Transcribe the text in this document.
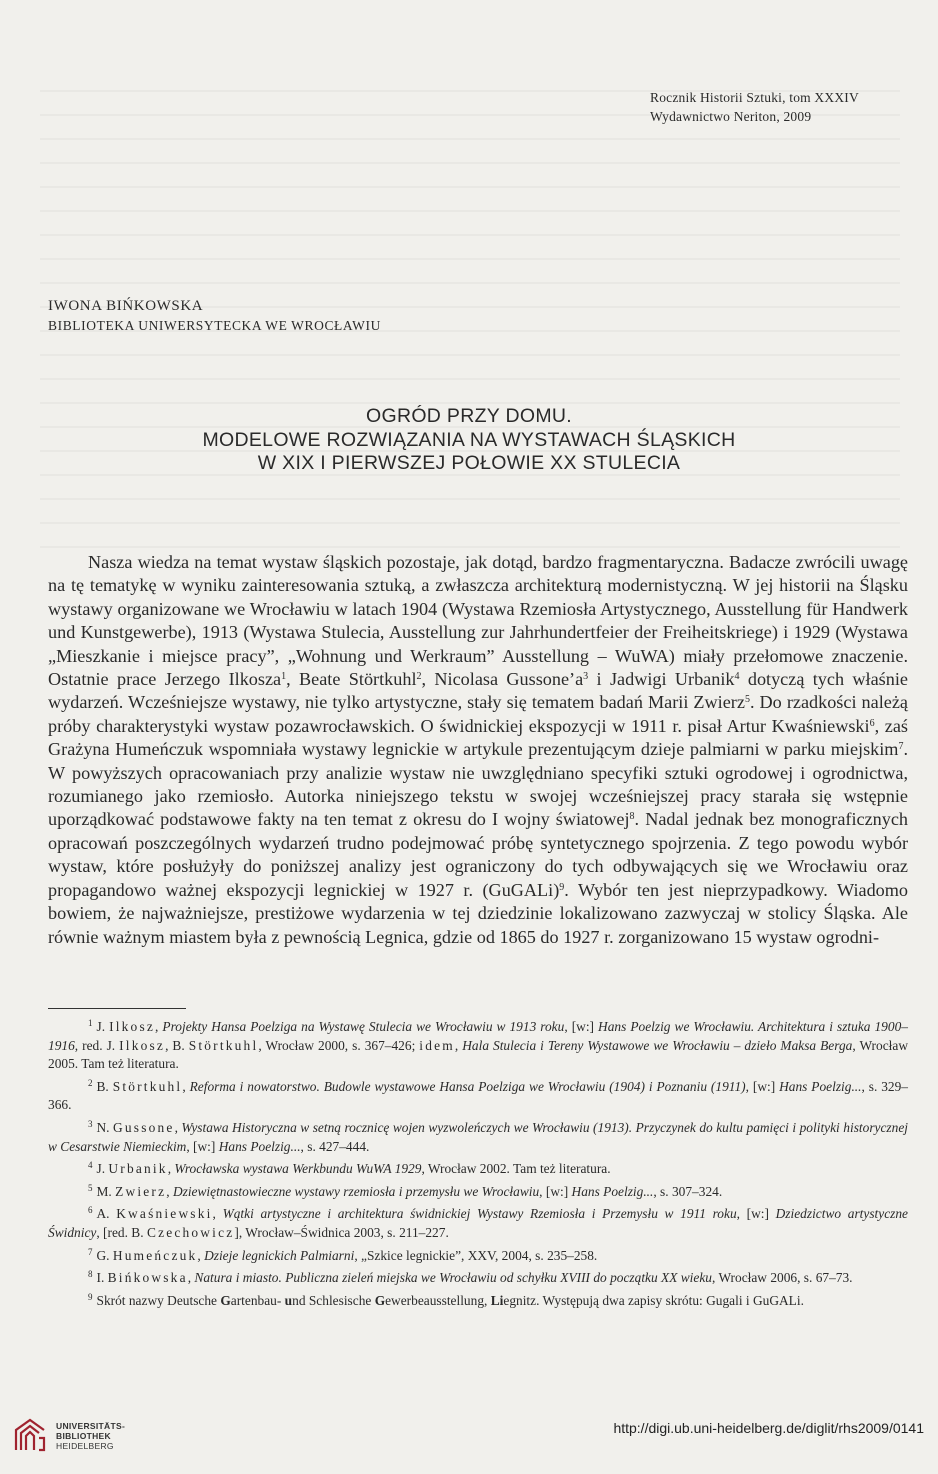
Rocznik Historii Sztuki, tom XXXIV
Wydawnictwo Neriton, 2009
IWONA BIŃKOWSKA
BIBLIOTEKA UNIWERSYTECKA WE WROCŁAWIU
OGRÓD PRZY DOMU.
MODELOWE ROZWIĄZANIA NA WYSTAWACH ŚLĄSKICH
W XIX I PIERWSZEJ POŁOWIE XX STULECIA

Nasza wiedza na temat wystaw śląskich pozostaje, jak dotąd, bardzo fragmentaryczna. Badacze zwrócili uwagę na tę tematykę w wyniku zainteresowania sztuką, a zwłaszcza architekturą modernistyczną. W jej historii na Śląsku wystawy organizowane we Wrocławiu w latach 1904 (Wystawa Rzemiosła Artystycznego, Ausstellung für Handwerk und Kunstgewerbe), 1913 (Wystawa Stulecia, Ausstellung zur Jahrhundertfeier der Freiheitskriege) i 1929 (Wystawa „Mieszkanie i miejsce pracy”, „Wohnung und Werkraum” Ausstellung – WuWA) miały przełomowe znaczenie. Ostatnie prace Jerzego Ilkosza$^1$, Beate Störtkuhl$^2$, Nicolasa $Gussone’a^3$ i Jadwigi Urbanik$^4$ dotyczą tych właśnie wydarzeń. Wcześniejsze wystawy, nie tylko artystyczne, stały się tematem badań Marii Zwierz$^5$. Do rzadkości należą próby charakterystyki wystaw pozawrocławskich. O świdnickiej ekspozycji w 1911 r. pisał Artur Kwaśniewski$^6$, zaś Grażyna Humeńczuk wspomniała wystawy legnickie w artykule prezentującym dzieje palmiarni w parku miejskim$^7$. W powyższych opracowaniach przy analizie wystaw nie uwzględniano specyfiki sztuki ogrodowej i ogrodnictwa, rozumianego jako rzemiosło. Autorka niniejszego tekstu w swojej wcześniejszej pracy starała się wstępnie uporządkować podstawowe fakty na ten temat z okresu do I wojny światowej$^8$. Nadal jednak bez monograficznych opracowań poszczególnych wydarzeń trudno podejmować próbę syntetycznego spojrzenia. Z tego powodu wybór wystaw, które posłużyły do poniższej analizy jest ograniczony do tych odbywających się we Wrocławiu oraz propagandowo ważnej ekspozycji legnickiej w 1927 r. (GuGALi)$^9$. Wybór ten jest nieprzypadkowy. Wiadomo bowiem, że najważniejsze, prestiżowe wydarzenia w tej dziedzinie lokalizowano zazwyczaj w stolicy Śląska. Ale równie ważnym miastem była z pewnością Legnica, gdzie od 1865 do 1927 r. zorganizowano 15 wystaw ogrodni-

$^1$ J. Ilkosz, Projekty Hansa Poelziga na Wystawę Stulecia we Wrocławiu w 1913 roku, [w:] Hans Poelzig we Wrocławiu. Architektura i sztuka 1900–1916, red. J. Ilkosz, B. Störtkuhl, Wrocław 2000, s. 367–426; idem, Hala Stulecia i Tereny Wystawowe we Wrocławiu – dzieło Maksa Berga, Wrocław 2005. Tam też literatura.

$^2$ B. Störtkuhl, Reforma i nowatorstwo. Budowle wystawowe Hansa Poelziga we Wrocławiu (1904) i Poznaniu (1911), [w:] Hans Poelzig..., s. 329–366.

$^3$ N. Gussone, Wystawa Historyczna w setną rocznicę wojen wyzwoleńczych we Wrocławiu (1913). Przyczynek do kultu pamięci i polityki historycznej w Cesarstwie Niemieckim, [w:] Hans Poelzig..., s. 427–444.

$^4$ J. Urbanik, Wrocławska wystawa Werkbundu WuWA 1929, Wrocław 2002. Tam też literatura.

$^5$ M. Zwierz, Dziewiętnastowieczne wystawy rzemiosła i przemysłu we Wrocławiu, [w:] Hans Poelzig..., s. 307–324.

$^6$ A. Kwaśniewski, Wątki artystyczne i architektura świdnickiej Wystawy Rzemiosła i Przemysłu w 1911 roku, [w:] Dziedzictwo artystyczne Świdnicy, [red. B. Czechowicz], Wrocław–Świdnica 2003, s. 211–227.

$^7$ G. Humeńczuk, Dzieje legnickich Palmiarni, „Szkice legnickie”, XXV, 2004, s. 235–258.

$^8$ I. Bińkowska, Natura i miasto. Publiczna zieleń miejska we Wrocławiu od schyłku XVIII do początku XX wieku, Wrocław 2006, s. 67–73.

$^9$ Skrót nazwy Deutsche Gartenbau- und Schlesische Gewerbeausstellung, Liegnitz. Występują dwa zapisy skrótu: Gugali i GuGALi.

UNIVERSITÄTS-
BIBLIOTHEK
HEIDELBERG
http://digi.ub.uni-heidelberg.de/diglit/rhs2009/0141
